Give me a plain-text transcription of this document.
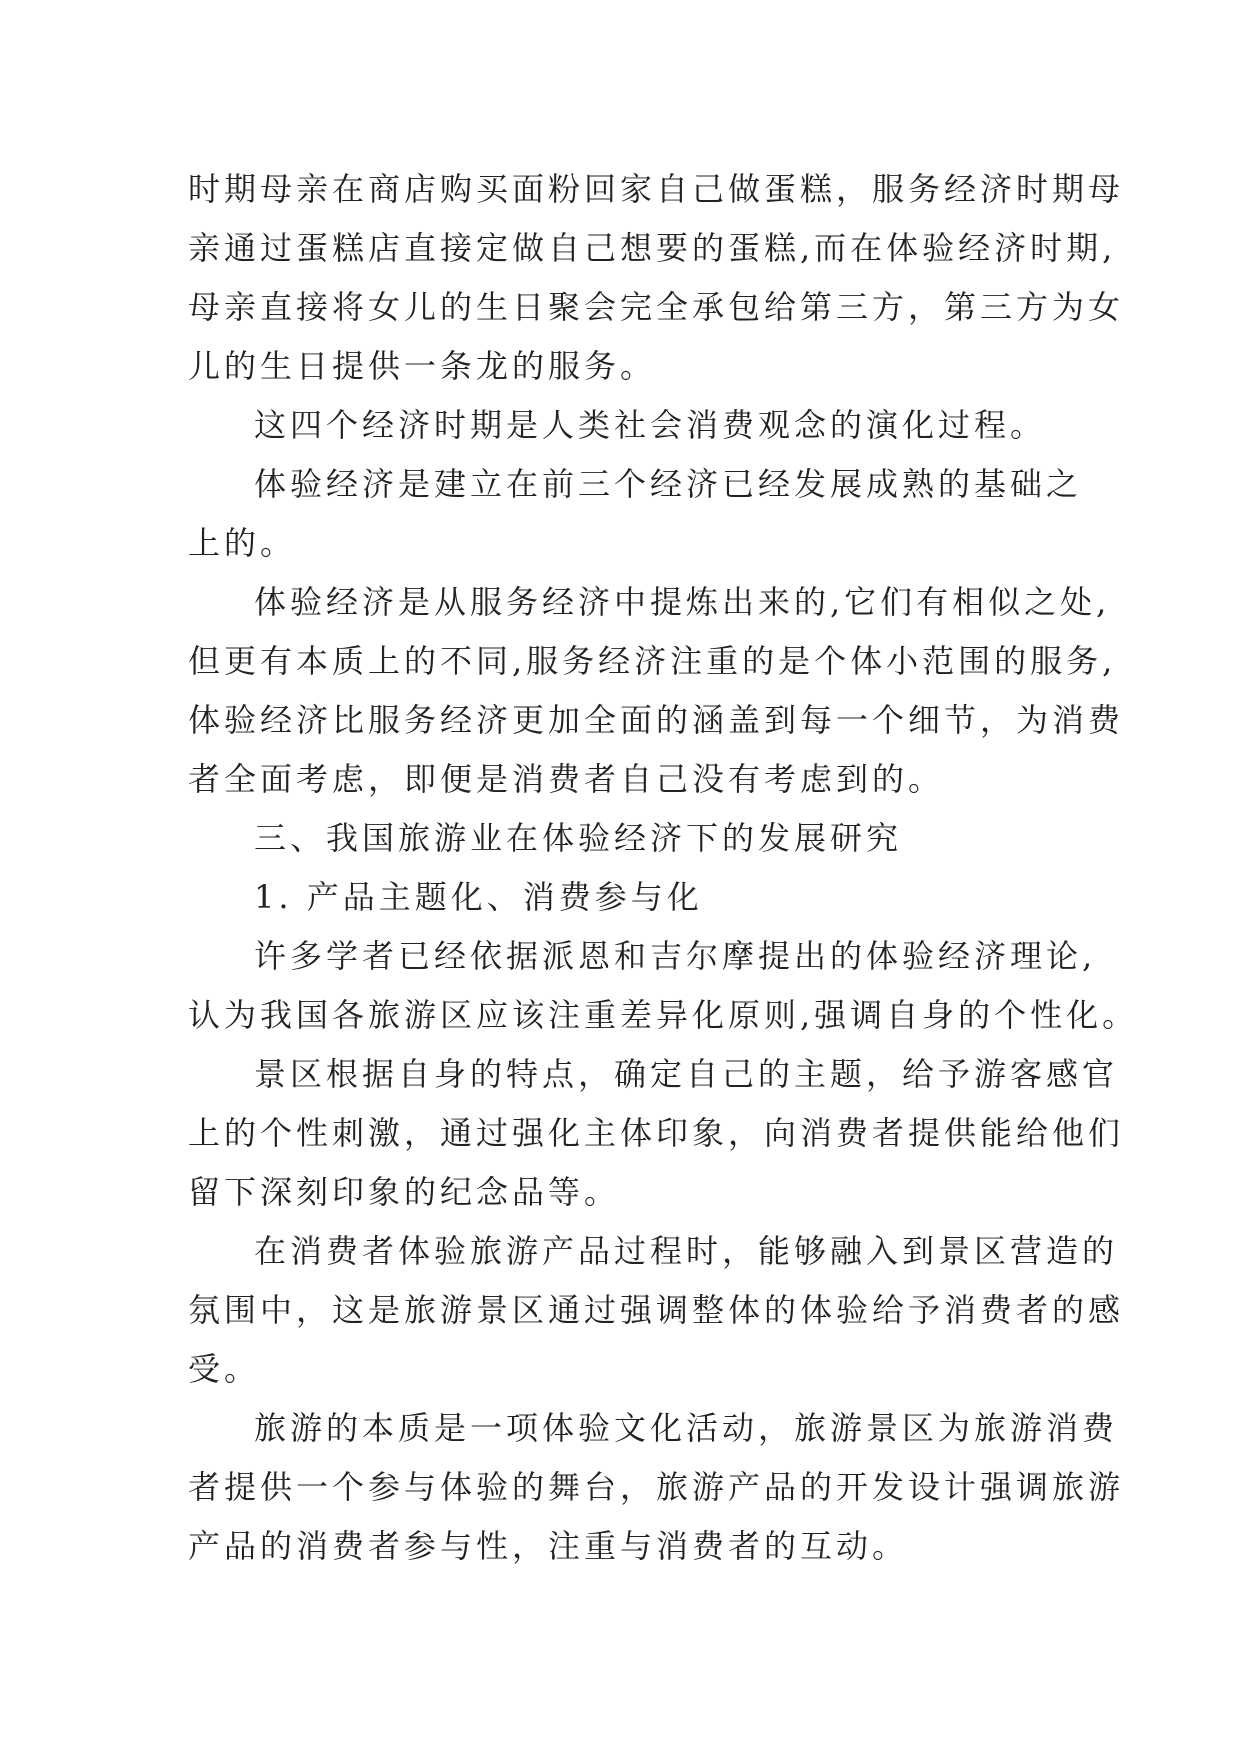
时期母亲在商店购买面粉回家自己做蛋糕，服务经济时期母
亲通过蛋糕店直接定做自己想要的蛋糕,而在体验经济时期,
母亲直接将女儿的生日聚会完全承包给第三方，第三方为女
儿的生日提供一条龙的服务。
这四个经济时期是人类社会消费观念的演化过程。
体验经济是建立在前三个经济已经发展成熟的基础之
上的。
体验经济是从服务经济中提炼出来的,它们有相似之处,
但更有本质上的不同,服务经济注重的是个体小范围的服务,
体验经济比服务经济更加全面的涵盖到每一个细节，为消费
者全面考虑，即便是消费者自己没有考虑到的。
三、我国旅游业在体验经济下的发展研究
1. 产品主题化、消费参与化
许多学者已经依据派恩和吉尔摩提出的体验经济理论,
认为我国各旅游区应该注重差异化原则,强调自身的个性化。
景区根据自身的特点，确定自己的主题，给予游客感官
上的个性刺激，通过强化主体印象，向消费者提供能给他们
留下深刻印象的纪念品等。
在消费者体验旅游产品过程时，能够融入到景区营造的
氛围中，这是旅游景区通过强调整体的体验给予消费者的感
受。
旅游的本质是一项体验文化活动，旅游景区为旅游消费
者提供一个参与体验的舞台，旅游产品的开发设计强调旅游
产品的消费者参与性，注重与消费者的互动。
